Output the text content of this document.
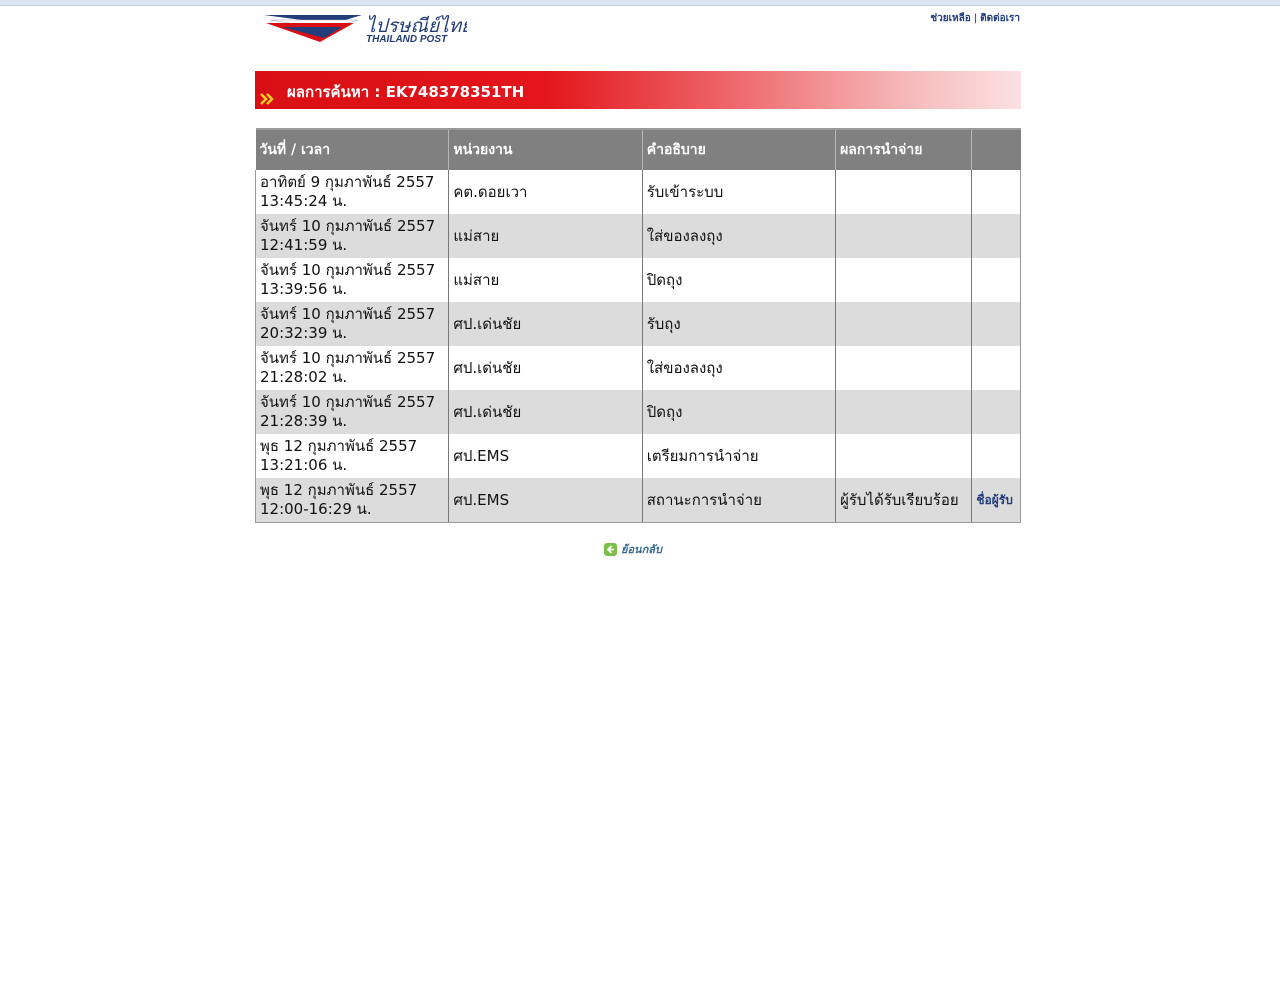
ไปรษณีย์ไทย
THAILAND POST
ช่วยเหลือ | ติดต่อเรา
ผลการค้นหา : EK748378351TH
วันที่ / เวลา	หน่วยงาน	คำอธิบาย	ผลการนำจ่าย	
อาทิตย์ 9 กุมภาพันธ์ 2557
13:45:24 น.	คต.ดอยเวา	รับเข้าระบบ		
จันทร์ 10 กุมภาพันธ์ 2557
12:41:59 น.	แม่สาย	ใส่ของลงถุง		
จันทร์ 10 กุมภาพันธ์ 2557
13:39:56 น.	แม่สาย	ปิดถุง		
จันทร์ 10 กุมภาพันธ์ 2557
20:32:39 น.	ศป.เด่นชัย	รับถุง		
จันทร์ 10 กุมภาพันธ์ 2557
21:28:02 น.	ศป.เด่นชัย	ใส่ของลงถุง		
จันทร์ 10 กุมภาพันธ์ 2557
21:28:39 น.	ศป.เด่นชัย	ปิดถุง		
พุธ 12 กุมภาพันธ์ 2557
13:21:06 น.	ศป.EMS	เตรียมการนำจ่าย		
พุธ 12 กุมภาพันธ์ 2557
12:00-16:29 น.	ศป.EMS	สถานะการนำจ่าย	ผู้รับได้รับเรียบร้อย	ชื่อผู้รับ
ย้อนกลับ
